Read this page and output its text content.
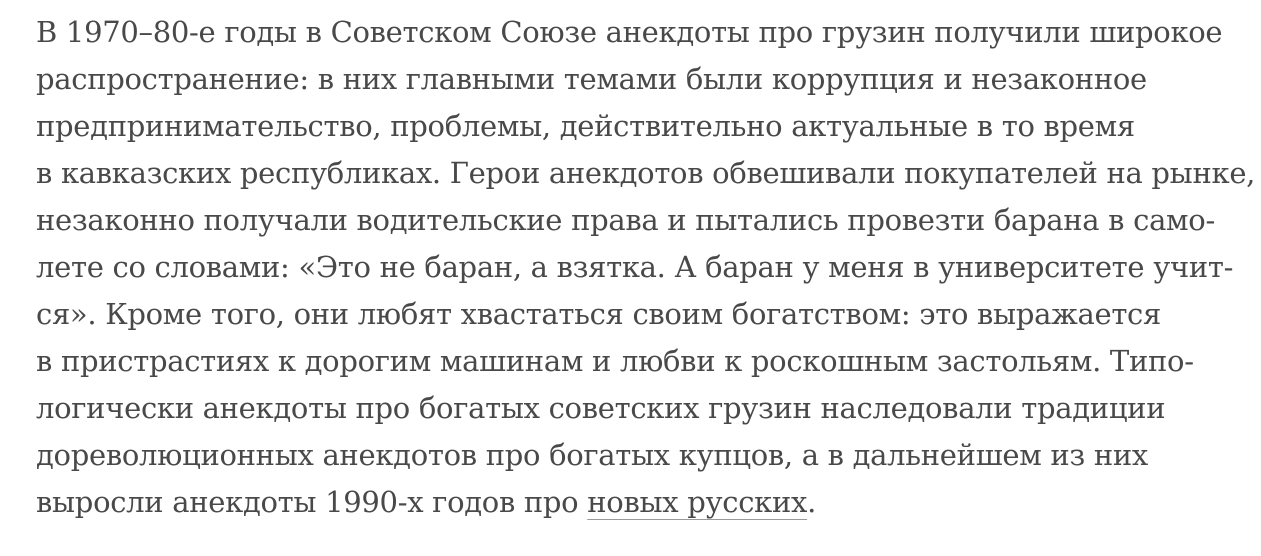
В 1970–80-е годы в Советском Союзе анекдоты про грузин получили широкое
распространение: в них главными темами были коррупция и незаконное
предпринимательство, проблемы, действительно актуальные в то время
в кавказских республиках. Герои анекдотов обвешивали покупателей на рынке,
незаконно получали водительские права и пытались провезти барана в само-
лете со словами: «Это не баран, а взятка. А баран у меня в университете учит-
ся». Кроме того, они любят хвастаться своим богатством: это выражается
в пристрастиях к дорогим машинам и любви к роскошным застольям. Типо-
логически анекдоты про богатых советских грузин наследовали традиции
дореволюционных анекдотов про богатых купцов, а в дальнейшем из них
выросли анекдоты 1990-х годов про новых русских.
